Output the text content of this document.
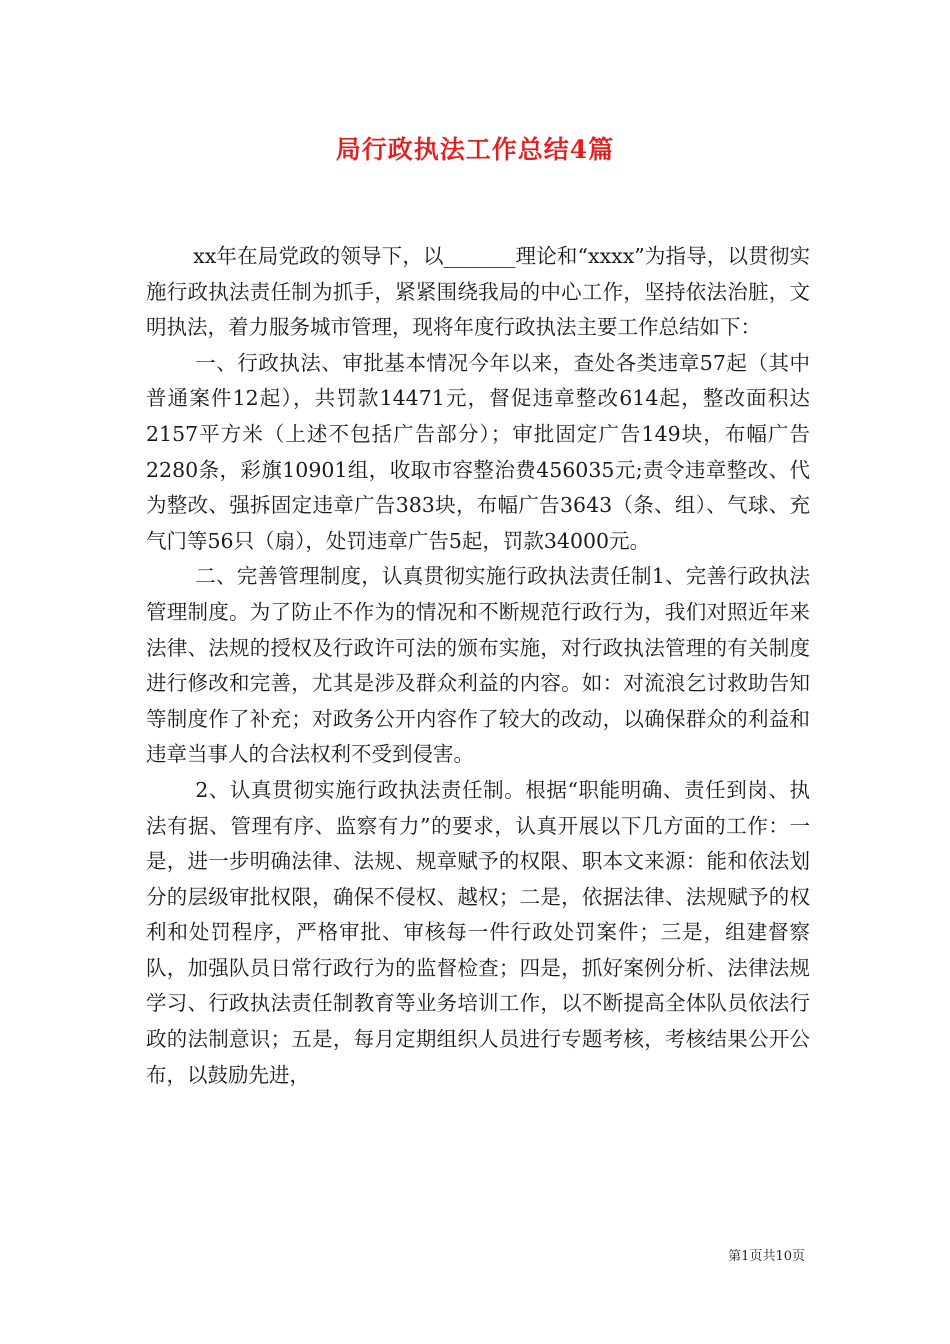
局行政执法工作总结4篇

xx年在局党政的领导下，以_______理论和“xxxx”为指导，以贯彻实施行政执法责任制为抓手，紧紧围绕我局的中心工作，坚持依法治脏，文明执法，着力服务城市管理，现将年度行政执法主要工作总结如下：

一、行政执法、审批基本情况今年以来，查处各类违章57起（其中普通案件12起），共罚款14471元，督促违章整改614起，整改面积达2157平方米（上述不包括广告部分）；审批固定广告149块，布幅广告2280条，彩旗10901组，收取市容整治费456035元;责令违章整改、代为整改、强拆固定违章广告383块，布幅广告3643（条、组）、气球、充气门等56只（扇），处罚违章广告5起，罚款34000元。

二、完善管理制度，认真贯彻实施行政执法责任制1、完善行政执法管理制度。为了防止不作为的情况和不断规范行政行为，我们对照近年来法律、法规的授权及行政许可法的颁布实施，对行政执法管理的有关制度进行修改和完善，尤其是涉及群众利益的内容。如：对流浪乞讨救助告知等制度作了补充；对政务公开内容作了较大的改动，以确保群众的利益和违章当事人的合法权利不受到侵害。

2、认真贯彻实施行政执法责任制。根据“职能明确、责任到岗、执法有据、管理有序、监察有力”的要求，认真开展以下几方面的工作：一是，进一步明确法律、法规、规章赋予的权限、职本文来源：能和依法划分的层级审批权限，确保不侵权、越权；二是，依据法律、法规赋予的权利和处罚程序，严格审批、审核每一件行政处罚案件；三是，组建督察队，加强队员日常行政行为的监督检查；四是，抓好案例分析、法律法规学习、行政执法责任制教育等业务培训工作，以不断提高全体队员依法行政的法制意识；五是，每月定期组织人员进行专题考核，考核结果公开公布，以鼓励先进，

第1页共10页
